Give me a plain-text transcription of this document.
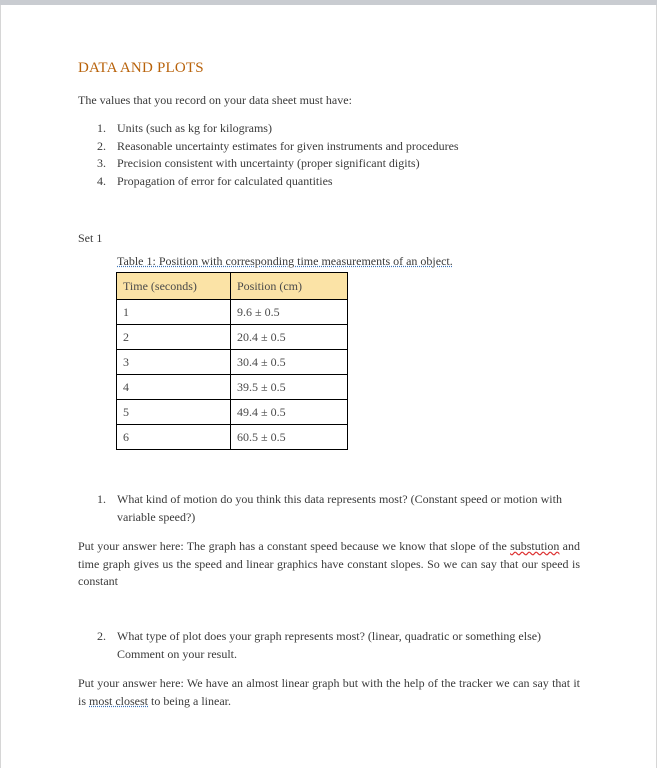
DATA AND PLOTS
The values that you record on your data sheet must have:
1. Units (such as kg for kilograms)
2. Reasonable uncertainty estimates for given instruments and procedures
3. Precision consistent with uncertainty (proper significant digits)
4. Propagation of error for calculated quantities
Set 1
Table 1: Position with corresponding time measurements of an object.
Time (seconds)	Position (cm)
1	9.6 ± 0.5
2	20.4 ± 0.5
3	30.4 ± 0.5
4	39.5 ± 0.5
5	49.4 ± 0.5
6	60.5 ± 0.5
1. What kind of motion do you think this data represents most? (Constant speed or motion with variable speed?)
Put your answer here: The graph has a constant speed because we know that slope of the substution and time graph gives us the speed and linear graphics have constant slopes. So we can say that our speed is constant
2. What type of plot does your graph represents most? (linear, quadratic or something else) Comment on your result.
Put your answer here: We have an almost linear graph but with the help of the tracker we can say that it is most closest to being a linear.
